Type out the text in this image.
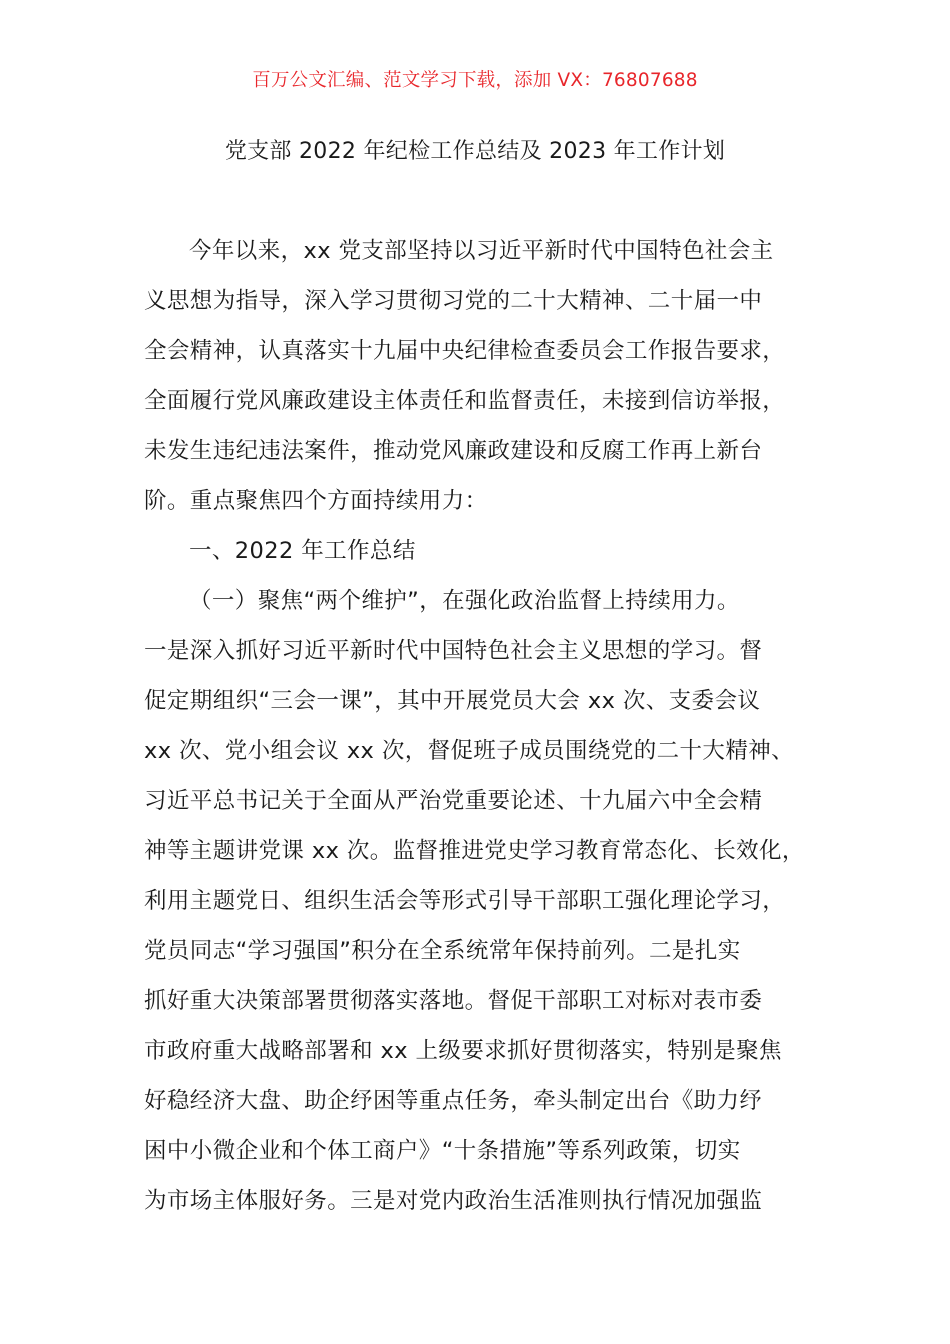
百万公文汇编、范文学习下载，添加 VX：76807688
党支部 2022 年纪检工作总结及 2023 年工作计划
今年以来，xx 党支部坚持以习近平新时代中国特色社会主
义思想为指导，深入学习贯彻习党的二十大精神、二十届一中
全会精神，认真落实十九届中央纪律检查委员会工作报告要求，
全面履行党风廉政建设主体责任和监督责任，未接到信访举报，
未发生违纪违法案件，推动党风廉政建设和反腐工作再上新台
阶。重点聚焦四个方面持续用力：
一、2022 年工作总结
（一）聚焦“两个维护”，在强化政治监督上持续用力。
一是深入抓好习近平新时代中国特色社会主义思想的学习。督
促定期组织“三会一课”，其中开展党员大会 xx 次、支委会议
xx 次、党小组会议 xx 次，督促班子成员围绕党的二十大精神、
习近平总书记关于全面从严治党重要论述、十九届六中全会精
神等主题讲党课 xx 次。监督推进党史学习教育常态化、长效化，
利用主题党日、组织生活会等形式引导干部职工强化理论学习，
党员同志“学习强国”积分在全系统常年保持前列。二是扎实
抓好重大决策部署贯彻落实落地。督促干部职工对标对表市委
市政府重大战略部署和 xx 上级要求抓好贯彻落实，特别是聚焦
好稳经济大盘、助企纾困等重点任务，牵头制定出台《助力纾
困中小微企业和个体工商户》“十条措施”等系列政策，切实
为市场主体服好务。三是对党内政治生活准则执行情况加强监
